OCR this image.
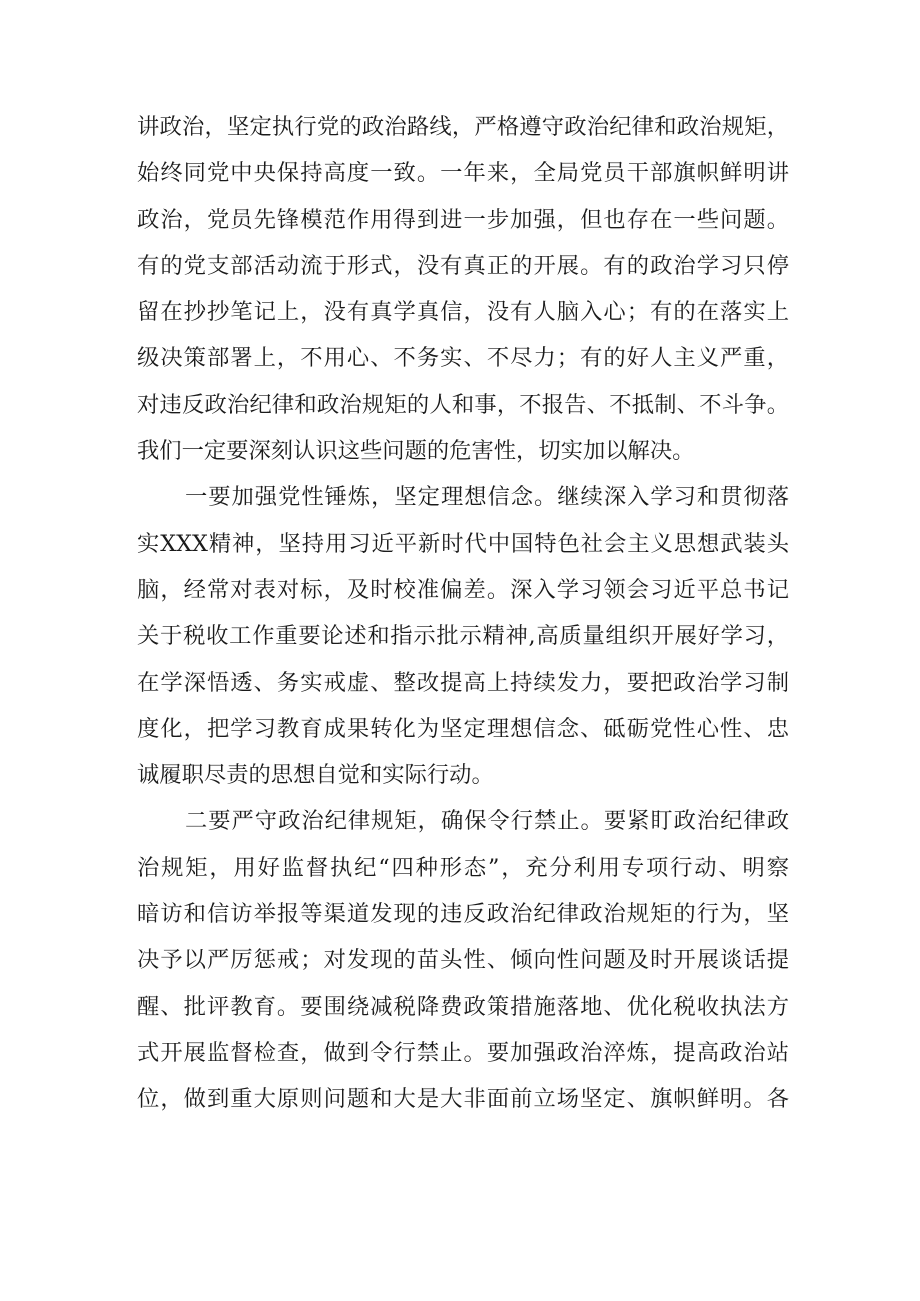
讲政治，坚定执行党的政治路线，严格遵守政治纪律和政治规矩，
始终同党中央保持高度一致。一年来，全局党员干部旗帜鲜明讲
政治，党员先锋模范作用得到进一步加强，但也存在一些问题。
有的党支部活动流于形式，没有真正的开展。有的政治学习只停
留在抄抄笔记上，没有真学真信，没有人脑入心；有的在落实上
级决策部署上，不用心、不务实、不尽力；有的好人主义严重，
对违反政治纪律和政治规矩的人和事，不报告、不抵制、不斗争。
我们一定要深刻认识这些问题的危害性，切实加以解决。
一要加强党性锤炼，坚定理想信念。继续深入学习和贯彻落
实XXX精神，坚持用习近平新时代中国特色社会主义思想武装头
脑，经常对表对标，及时校准偏差。深入学习领会习近平总书记
关于税收工作重要论述和指示批示精神,高质量组织开展好学习，
在学深悟透、务实戒虚、整改提高上持续发力，要把政治学习制
度化，把学习教育成果转化为坚定理想信念、砥砺党性心性、忠
诚履职尽责的思想自觉和实际行动。
二要严守政治纪律规矩，确保令行禁止。要紧盯政治纪律政
治规矩，用好监督执纪“四种形态”，充分利用专项行动、明察
暗访和信访举报等渠道发现的违反政治纪律政治规矩的行为，坚
决予以严厉惩戒；对发现的苗头性、倾向性问题及时开展谈话提
醒、批评教育。要围绕减税降费政策措施落地、优化税收执法方
式开展监督检查，做到令行禁止。要加强政治淬炼，提高政治站
位，做到重大原则问题和大是大非面前立场坚定、旗帜鲜明。各
